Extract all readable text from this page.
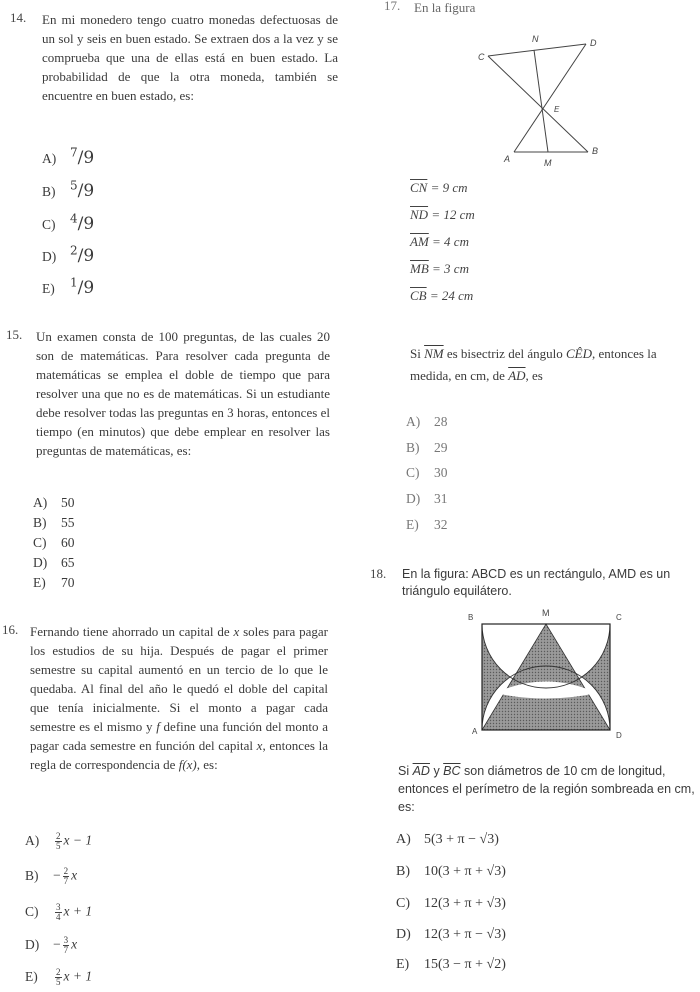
14. En mi monedero tengo cuatro monedas defectuosas de un sol y seis en buen estado. Se extraen dos a la vez y se comprueba que una de ellas está en buen estado. La probabilidad de que la otra moneda, también se encuentre en buen estado, es:
A) $^7$/9
B) $^5$/9
C) $^4$/9
D) $^2$/9
E) $^1$/9
15. Un examen consta de 100 preguntas, de las cuales 20 son de matemáticas. Para resolver cada pregunta de matemáticas se emplea el doble de tiempo que para resolver una que no es de matemáticas. Si un estudiante debe resolver todas las preguntas en 3 horas, entonces el tiempo (en minutos) que debe emplear en resolver las preguntas de matemáticas, es:
A) 50
B) 55
C) 60
D) 65
E) 70
16. Fernando tiene ahorrado un capital de x soles para pagar los estudios de su hija. Después de pagar el primer semestre su capital aumentó en un tercio de lo que le quedaba. Al final del año le quedó el doble del capital que tenía inicialmente. Si el monto a pagar cada semestre es el mismo y f define una función del monto a pagar cada semestre en función del capital x, entonces la regla de correspondencia de f(x), es:
$A) \frac{2}{5}$ x − 1
$B) - \frac{2}{7}$ x
$C) \frac{3}{4}$ x + 1
$D) - \frac{3}{7}$ x
$E) \frac{2}{5}$ x + 1
17. En la figura
N	D
C
E
A	M
B
$\overline{CN} = 9$ cm
$\overline{ND} = 12$ cm
$\overline{AM} = 4$ cm
$\overline{MB} = 3$ cm
$\overline{CB} = 24$ cm
Si $\overline{NM}$ es bisectriz del ángulo CÊD, entonces la medida, en cm, de $\overline{AD}$, es
A) 28
B) 29
C) 30
D) 31
E) 32
18. En la figura: ABCD es un rectángulo, AMD es un triángulo equilátero.
B	M	C
A	D
Si $\overline{AD}$ y $\overline{BC}$ son diámetros de 10 cm de longitud, entonces el perímetro de la región sombreada en cm, es:
A) 5(3 + π − √3)
B) 10(3 + π + √3)
C) 12(3 + π + √3)
D) 12(3 + π − √3)
E) 15(3 − π + √2)
